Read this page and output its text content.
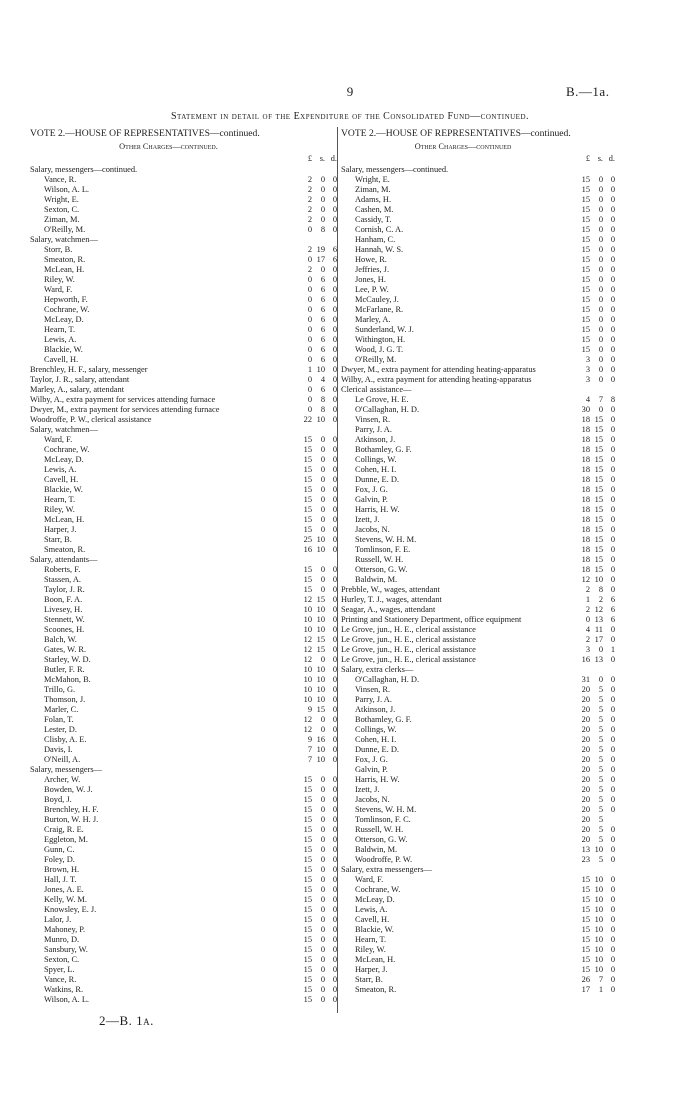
9	B.—1a.
Statement in detail of the Expenditure of the Consolidated Fund—continued.
VOTE 2.—HOUSE OF REPRESENTATIVES—continued.
Other Charges—continued.
£ s. d.
Salary, messengers—continued.
Vance, R.	2	0 0
Wilson, A. L.	2	0 0
Wright, E.	2	0 0
Sexton, C.	2	0 0
Ziman, M.	2	0 0
O'Reilly, M.	0	8 0
Salary, watchmen—
Storr, B.	2 19 6
Smeaton, R.	0 17 6
McLean, H.	2	0 0
Riley, W.	0	6 0
Ward, F.	0	6 0
Hepworth, F.	0	6 0
Cochrane, W.	0	6 0
McLeay, D.	0	6 0
Hearn, T.	0	6 0
Lewis, A.	0	6 0
Blackie, W.	0	6 0
Cavell, H.	0	6 0
Brenchley, H. F., salary, messenger	1 10 0
Taylor, J. R., salary, attendant	0	4 0
Marley, A., salary, attendant	0	6 0
Wilby, A., extra payment for services attending furnace	0	8 0
Dwyer, M., extra payment for services attending furnace	0	8 0
Woodroffe, P. W., clerical assistance	22 10 0
Salary, watchmen—
Ward, F.	15	0 0
Cochrane, W.	15	0 0
McLeay, D.	15	0 0
Lewis, A.	15	0 0
Cavell, H.	15	0 0
Blackie, W.	15	0 0
Hearn, T.	15	0 0
Riley, W.	15	0 0
McLean, H.	15	0 0
Harper, J.	15	0 0
Starr, B.	25 10 0
Smeaton, R.	16 10 0
Salary, attendants—
Roberts, F.	15	0 0
Stassen, A.	15	0 0
Taylor, J. R.	15	0 0
Boon, F. A.	12 15 0
Livesey, H.	10 10 0
Stennett, W.	10 10 0
Scoones, H.	10 10 0
Balch, W.	12 15 0
Gates, W. R.	12 15 0
Starley, W. D.	12	0 0
Butler, F. R.	10 10 0
McMahon, B.	10 10 0
Trillo, G.	10 10 0
Thomson, J.	10 10 0
Marler, C.	9 15 0
Folan, T.	12	0 0
Lester, D.	12	0 0
Clisby, A. E.	9 16 0
Davis, I.	7 10 0
O'Neill, A.	7 10 0
Salary, messengers—
Archer, W.	15	0 0
Bowden, W. J.	15	0 0
Boyd, J.	15	0 0
Brenchley, H. F.	15	0 0
Burton, W. H. J.	15	0 0
Craig, R. E.	15	0 0
Eggleton, M.	15	0 0
Gunn, C.	15	0 0
Foley, D.	15	0 0
Brown, H.	15	0 0
Hall, J. T.	15	0 0
Jones, A. E.	15	0 0
Kelly, W. M.	15	0 0
Knowsley, E. J.	15	0 0
Lalor, J.	15	0 0
Mahoney, P.	15	0 0
Munro, D.	15	0 0
Sansbury, W.	15	0 0
Sexton, C.	15	0 0
Spyer, L.	15	0 0
Vance, R.	15	0 0
Watkins, R.	15	0 0
Wilson, A. L.	15	0 0
VOTE 2.—HOUSE OF REPRESENTATIVES—continued.
Other Charges—continued
£ s. d.
Salary, messengers—continued.
Wright, E.	15	0 0
Ziman, M.	15	0 0
Adams, H.	15	0 0
Cashen, M.	15	0 0
Cassidy, T.	15	0 0
Cornish, C. A.	15	0 0
Hanham, C.	15	0 0
Hannah, W. S.	15	0 0
Howe, R.	15	0 0
Jeffries, J.	15	0 0
Jones, H.	15	0 0
Lee, P. W.	15	0 0
McCauley, J.	15	0 0
McFarlane, R.	15	0 0
Marley, A.	15	0 0
Sunderland, W. J.	15	0 0
Withington, H.	15	0 0
Wood, J. G. T.	15	0 0
O'Reilly, M.	3	0 0
Dwyer, M., extra payment for attending heating-apparatus	3	0 0
Wilby, A., extra payment for attending heating-apparatus	3	0 0
Clerical assistance—
Le Grove, H. E.	4	7 8
O'Callaghan, H. D.	30	0 0
Vinsen, R.	18 15 0
Parry, J. A.	18 15 0
Atkinson, J.	18 15 0
Bothamley, G. F.	18 15 0
Collings, W.	18 15 0
Cohen, H. I.	18 15 0
Dunne, E. D.	18 15 0
Fox, J. G.	18 15 0
Galvin, P.	18 15 0
Harris, H. W.	18 15 0
Izett, J.	18 15 0
Jacobs, N.	18 15 0
Stevens, W. H. M.	18 15 0
Tomlinson, F. E.	18 15 0
Russell, W. H.	18 15 0
Otterson, G. W.	18 15 0
Baldwin, M.	12 10 0
Prebble, W., wages, attendant	2	8 0
Hurley, T. J., wages, attendant	1	2 6
Seagar, A., wages, attendant	2 12 6
Printing and Stationery Department, office equipment	0 13 6
Le Grove, jun., H. E., clerical assistance	4 11 0
Le Grove, jun., H. E., clerical assistance	2 17 0
Le Grove, jun., H. E., clerical assistance	3	0 1
Le Grove, jun., H. E., clerical assistance	16 13 0
Salary, extra clerks—
O'Callaghan, H. D.	31	0 0
Vinsen, R.	20	5 0
Parry, J. A.	20	5 0
Atkinson, J.	20	5 0
Bothamley, G. F.	20	5 0
Collings, W.	20	5 0
Cohen, H. I.	20	5 0
Dunne, E. D.	20	5 0
Fox, J. G.	20	5 0
Galvin, P.	20	5 0
Harris, H. W.	20	5 0
Izett, J.	20	5 0
Jacobs, N.	20	5 0
Stevens, W. H. M.	20	5 0
Tomlinson, F. C.	20	5
Russell, W. H.	20	5 0
Otterson, G. W.	20	5 0
Baldwin, M.	13 10 0
Woodroffe, P. W.	23	5 0
Salary, extra messengers—
Ward, F.	15 10 0
Cochrane, W.	15 10 0
McLeay, D.	15 10 0
Lewis, A.	15 10 0
Cavell, H.	15 10 0
Blackie, W.	15 10 0
Hearn, T.	15 10 0
Riley, W.	15 10 0
McLean, H.	15 10 0
Harper, J.	15 10 0
Starr, B.	26	7 0
Smeaton, R.	17	1 0
2—B. 1a.
